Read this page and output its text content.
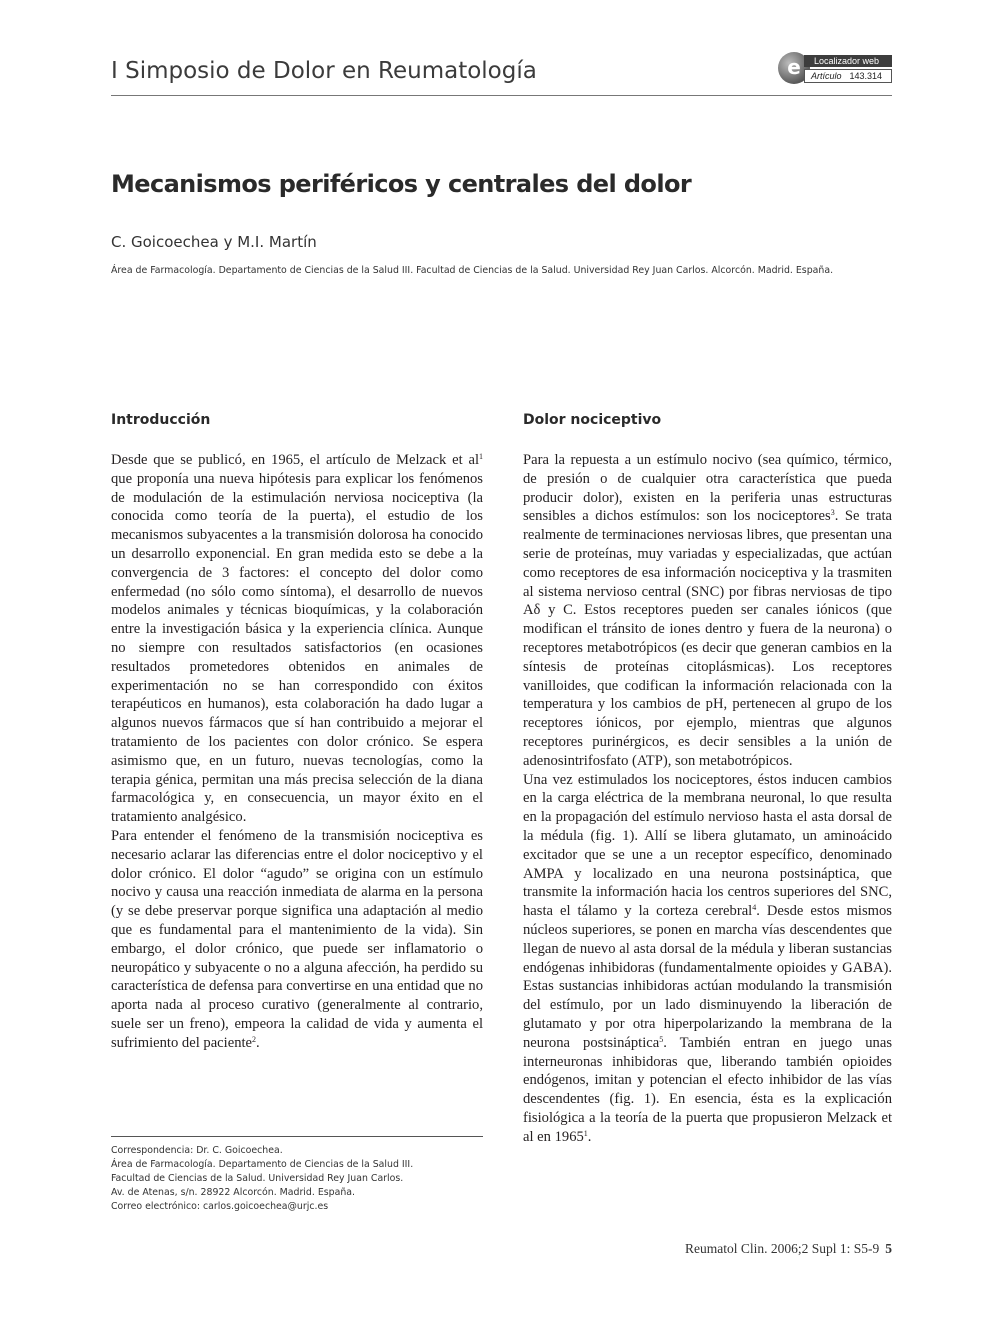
I Simposio de Dolor en Reumatología	e	Localizador web
Artículo 143.314
Mecanismos periféricos y centrales del dolor
C. Goicoechea y M.I. Martín
Área de Farmacología. Departamento de Ciencias de la Salud III. Facultad de Ciencias de la Salud. Universidad Rey Juan Carlos. Alcorcón. Madrid. España.
Introducción	Dolor nociceptivo

Desde que se publicó, en 1965, el artículo de Melzack et $al^1$ que proponía una nueva hipótesis para explicar los fenómenos de modulación de la estimulación nerviosa nociceptiva (la conocida como teoría de la puerta), el estudio de los mecanismos subyacentes a la transmisión dolorosa ha conocido un desarrollo exponencial. En gran medida esto se debe a la convergencia de 3 factores: el concepto del dolor como enfermedad (no sólo como síntoma), el desarrollo de nuevos modelos animales y técnicas bioquímicas, y la colaboración entre la investigación básica y la experiencia clínica. Aunque no siempre con resultados satisfactorios (en ocasiones resultados prometedores obtenidos en animales de experimentación no se han correspondido con éxitos terapéuticos en humanos), esta colaboración ha dado lugar a algunos nuevos fármacos que sí han contribuido a mejorar el tratamiento de los pacientes con dolor crónico. Se espera asimismo que, en un futuro, nuevas tecnologías, como la terapia génica, permitan una más precisa selección de la diana farmacológica y, en consecuencia, un mayor éxito en el tratamiento analgésico.

Para entender el fenómeno de la transmisión nociceptiva es necesario aclarar las diferencias entre el dolor nociceptivo y el dolor crónico. El dolor “agudo” se origina con un estímulo nocivo y causa una reacción inmediata de alarma en la persona (y se debe preservar porque significa una adaptación al medio que es fundamental para el mantenimiento de la vida). Sin embargo, el dolor crónico, que puede ser inflamatorio o neuropático y subyacente o no a alguna afección, ha perdido su característica de defensa para convertirse en una entidad que no aporta nada al proceso curativo (generalmente al contrario, suele ser un freno), empeora la calidad de vida y aumenta el sufrimiento del paciente$^2$.

Correspondencia: Dr. C. Goicoechea.
Área de Farmacología. Departamento de Ciencias de la Salud III.
Facultad de Ciencias de la Salud. Universidad Rey Juan Carlos.
Av. de Atenas, s/n. 28922 Alcorcón. Madrid. España.
Correo electrónico: carlos.goicoechea@urjc.es

Para la repuesta a un estímulo nocivo (sea químico, térmico, de presión o de cualquier otra característica que pueda producir dolor), existen en la periferia unas estructuras sensibles a dichos estímulos: son los nociceptores$^3$. Se trata realmente de terminaciones nerviosas libres, que presentan una serie de proteínas, muy variadas y especializadas, que actúan como receptores de esa información nociceptiva y la trasmiten al sistema nervioso central (SNC) por fibras nerviosas de tipo Aδ y C. Estos receptores pueden ser canales iónicos (que modifican el tránsito de iones dentro y fuera de la neurona) o receptores metabotrópicos (es decir que generan cambios en la síntesis de proteínas citoplásmicas). Los receptores vanilloides, que codifican la información relacionada con la temperatura y los cambios de pH, pertenecen al grupo de los receptores iónicos, por ejemplo, mientras que algunos receptores purinérgicos, es decir sensibles a la unión de adenosintrifosfato (ATP), son metabotrópicos.

Una vez estimulados los nociceptores, éstos inducen cambios en la carga eléctrica de la membrana neuronal, lo que resulta en la propagación del estímulo nervioso hasta el asta dorsal de la médula (fig. 1). Allí se libera glutamato, un aminoácido excitador que se une a un receptor específico, denominado AMPA y localizado en una neurona postsináptica, que transmite la información hacia los centros superiores del SNC, hasta el tálamo y la corteza cerebral$^4$. Desde estos mismos núcleos superiores, se ponen en marcha vías descendentes que llegan de nuevo al asta dorsal de la médula y liberan sustancias endógenas inhibidoras (fundamentalmente opioides y GABA). Estas sustancias inhibidoras actúan modulando la transmisión del estímulo, por un lado disminuyendo la liberación de glutamato y por otra hiperpolarizando la membrana de la neurona postsináptica$^5$. También entran en juego unas interneuronas inhibidoras que, liberando también opioides endógenos, imitan y potencian el efecto inhibidor de las vías descendentes (fig. 1). En esencia, ésta es la explicación fisiológica a la teoría de la puerta que propusieron Melzack et al en 1965$^1$.

Reumatol Clin. 2006;2 Supl 1: S5-9 5
